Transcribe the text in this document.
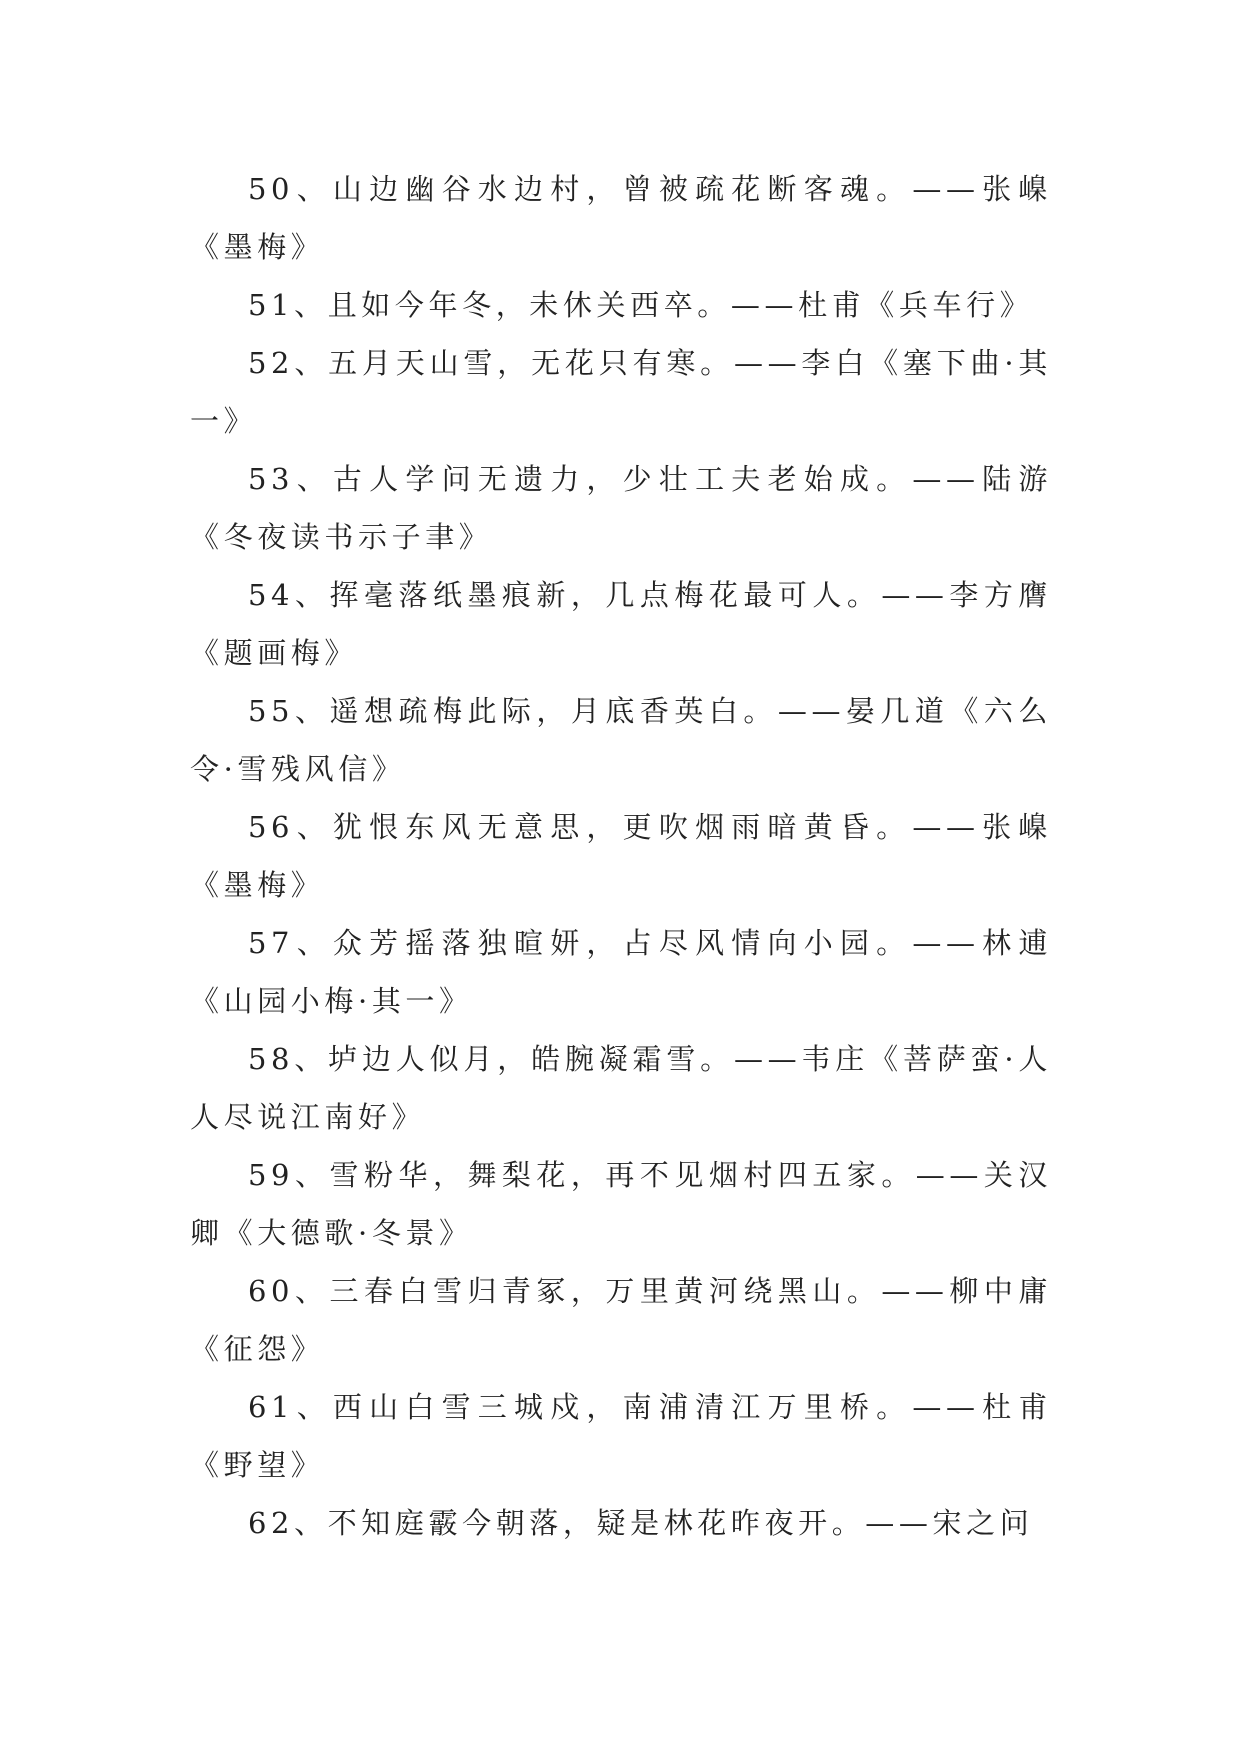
50、山边幽谷水边村，曾被疏花断客魂。——张嵲《墨梅》

51、且如今年冬，未休关西卒。——杜甫《兵车行》

52、五月天山雪，无花只有寒。——李白《塞下曲·其一》

53、古人学问无遗力，少壮工夫老始成。——陆游《冬夜读书示子聿》

54、挥毫落纸墨痕新，几点梅花最可人。——李方膺《题画梅》

55、遥想疏梅此际，月底香英白。——晏几道《六么令·雪残风信》

56、犹恨东风无意思，更吹烟雨暗黄昏。——张嵲《墨梅》

57、众芳摇落独暄妍，占尽风情向小园。——林逋《山园小梅·其一》

58、垆边人似月，皓腕凝霜雪。——韦庄《菩萨蛮·人人尽说江南好》

59、雪粉华，舞梨花，再不见烟村四五家。——关汉卿《大德歌·冬景》

60、三春白雪归青冢，万里黄河绕黑山。——柳中庸《征怨》

61、西山白雪三城戍，南浦清江万里桥。——杜甫《野望》

62、不知庭霰今朝落，疑是林花昨夜开。——宋之问
